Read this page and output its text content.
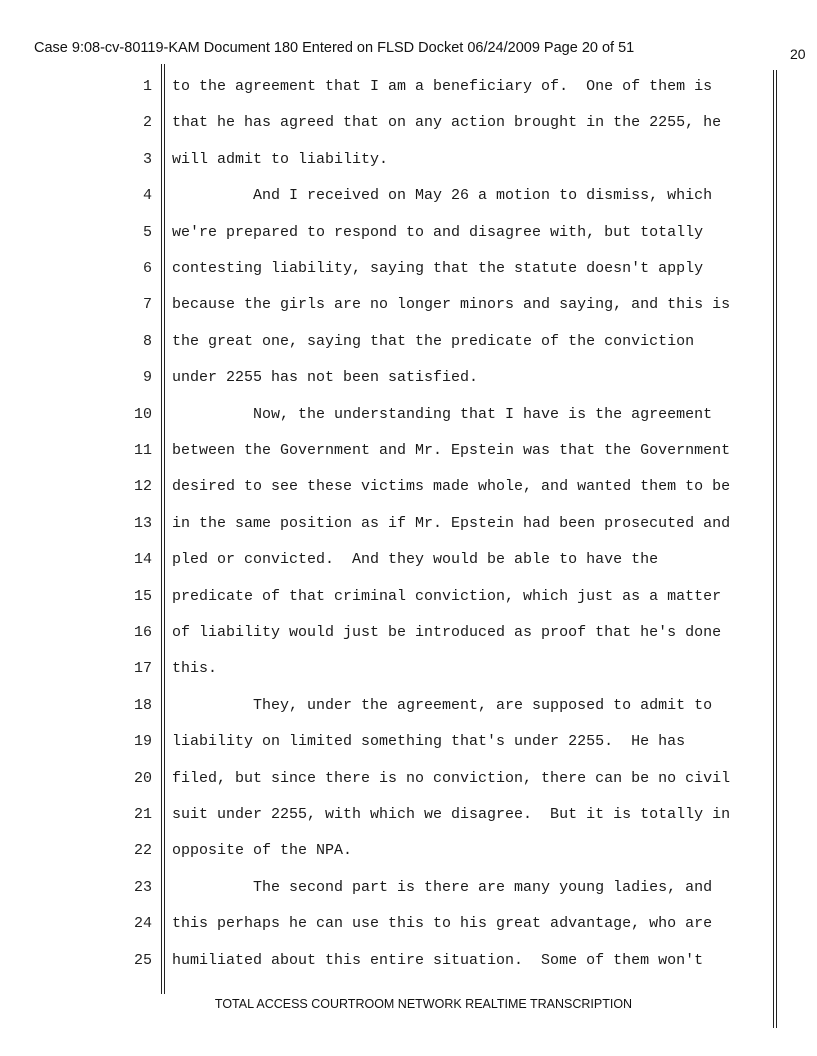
Case 9:08-cv-80119-KAM Document 180 Entered on FLSD Docket 06/24/2009 Page 20 of 51	20
1 to the agreement that I am a beneficiary of.  One of them is
2 that he has agreed that on any action brought in the 2255, he
3 will admit to liability.
4 And I received on May 26 a motion to dismiss, which
5 we're prepared to respond to and disagree with, but totally
6 contesting liability, saying that the statute doesn't apply
7 because the girls are no longer minors and saying, and this is
8 the great one, saying that the predicate of the conviction
9 under 2255 has not been satisfied.
10 Now, the understanding that I have is the agreement
11 between the Government and Mr. Epstein was that the Government
12 desired to see these victims made whole, and wanted them to be
13 in the same position as if Mr. Epstein had been prosecuted and
14 pled or convicted.  And they would be able to have the
15 predicate of that criminal conviction, which just as a matter
16 of liability would just be introduced as proof that he's done
17 this.
18 They, under the agreement, are supposed to admit to
19 liability on limited something that's under 2255.  He has
20 filed, but since there is no conviction, there can be no civil
21 suit under 2255, with which we disagree.  But it is totally in
22 opposite of the NPA.
23 The second part is there are many young ladies, and
24 this perhaps he can use this to his great advantage, who are
25 humiliated about this entire situation.  Some of them won't
TOTAL ACCESS COURTROOM NETWORK REALTIME TRANSCRIPTION
